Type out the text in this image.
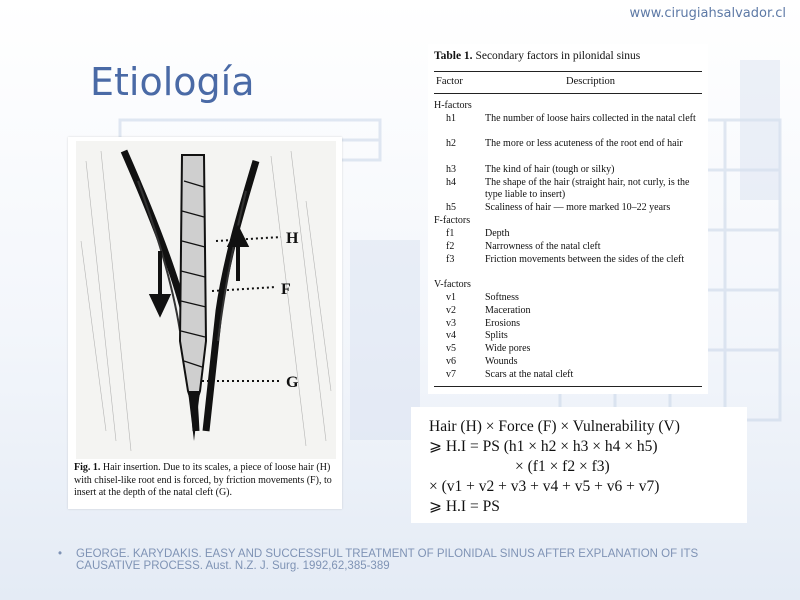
www.cirugiahsalvador.cl
Etiología
H
F
G
Fig. 1. Hair insertion. Due to its scales, a piece of loose hair (H) with chisel-like root end is forced, by friction movements (F), to insert at the depth of the natal cleft (G).
Table 1. Secondary factors in pilonidal sinus
Factor	Description
H-factors
h1	The number of loose hairs collected in the natal cleft
h2	The more or less acuteness of the root end of hair
h3	The kind of hair (tough or silky)
h4	The shape of the hair (straight hair, not curly, is the type liable to insert)
h5	Scaliness of hair — more marked 10–22 years
F-factors
f1	Depth
f2	Narrowness of the natal cleft
f3	Friction movements between the sides of the cleft
V-factors
v1	Softness
v2	Maceration
v3	Erosions
v4	Splits
v5	Wide pores
v6	Wounds
v7	Scars at the natal cleft
Hair (H) × Force (F) × Vulnerability (V)
⩾ H.I = PS (h1 × h2 × h3 × h4 × h5)
× (f1 × f2 × f3)
× (v1 + v2 + v3 + v4 + v5 + v6 + v7)
⩾ H.I = PS
• GEORGE. KARYDAKIS. EASY AND SUCCESSFUL TREATMENT OF PILONIDAL SINUS AFTER EXPLANATION OF ITS CAUSATIVE PROCESS. Aust. N.Z. J. Surg. 1992,62,385-389
